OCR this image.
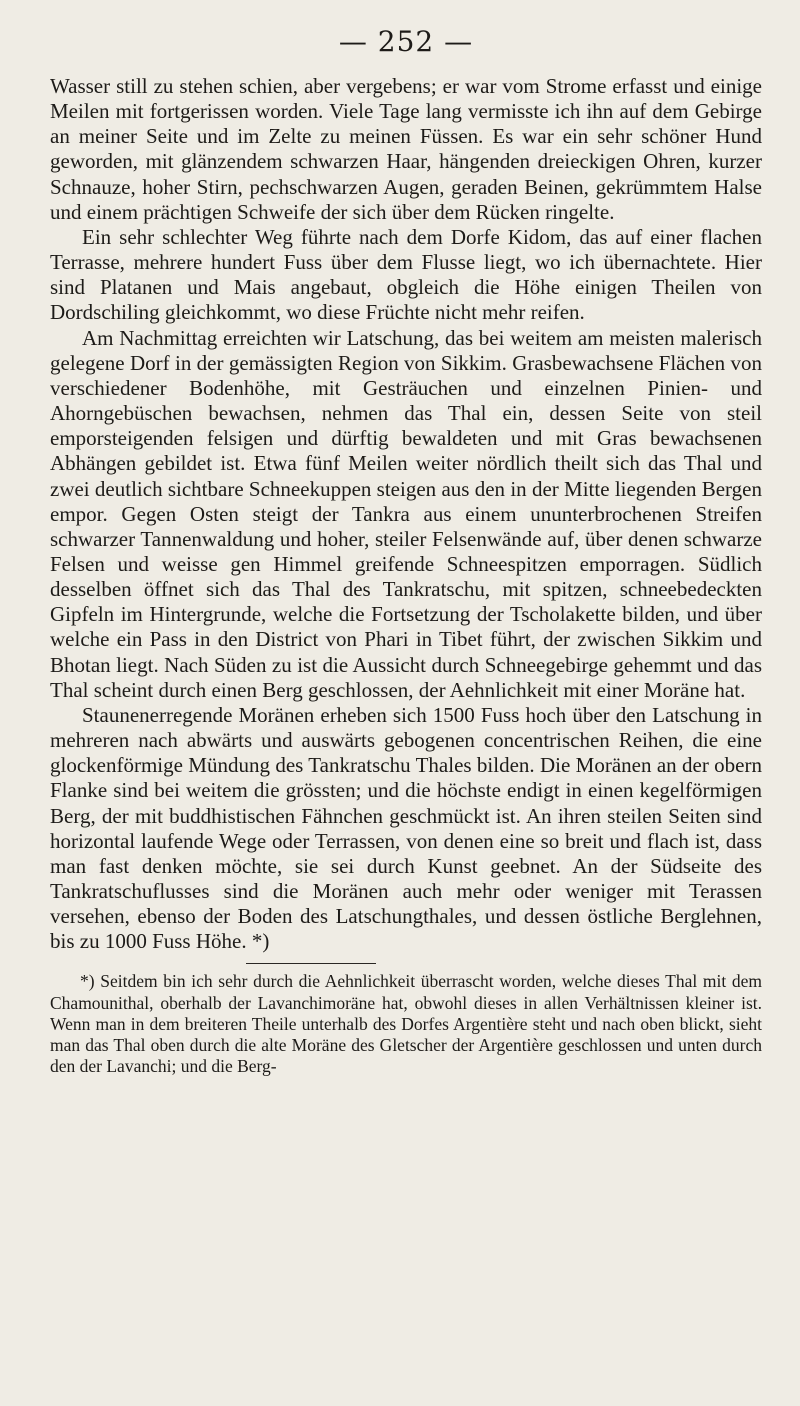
— 252 —

Wasser still zu stehen schien, aber vergebens; er war vom Strome erfasst und einige Meilen mit fortgerissen worden. Viele Tage lang vermisste ich ihn auf dem Gebirge an meiner Seite und im Zelte zu meinen Füssen. Es war ein sehr schöner Hund geworden, mit glänzendem schwarzen Haar, hängenden dreieckigen Ohren, kurzer Schnauze, hoher Stirn, pechschwarzen Augen, geraden Beinen, gekrümmtem Halse und einem prächtigen Schweife der sich über dem Rücken ringelte.

Ein sehr schlechter Weg führte nach dem Dorfe Kidom, das auf einer flachen Terrasse, mehrere hundert Fuss über dem Flusse liegt, wo ich übernachtete. Hier sind Platanen und Mais angebaut, obgleich die Höhe einigen Theilen von Dordschiling gleichkommt, wo diese Früchte nicht mehr reifen.

Am Nachmittag erreichten wir Latschung, das bei weitem am meisten malerisch gelegene Dorf in der gemässigten Region von Sikkim. Grasbewachsene Flächen von verschiedener Bodenhöhe, mit Gesträuchen und einzelnen Pinien- und Ahorngebüschen bewachsen, nehmen das Thal ein, dessen Seite von steil emporsteigenden felsigen und dürftig bewaldeten und mit Gras bewachsenen Abhängen gebildet ist. Etwa fünf Meilen weiter nördlich theilt sich das Thal und zwei deutlich sichtbare Schneekuppen steigen aus den in der Mitte liegenden Bergen empor. Gegen Osten steigt der Tankra aus einem ununterbrochenen Streifen schwarzer Tannenwaldung und hoher, steiler Felsenwände auf, über denen schwarze Felsen und weisse gen Himmel greifende Schneespitzen emporragen. Südlich desselben öffnet sich das Thal des Tankratschu, mit spitzen, schneebedeckten Gipfeln im Hintergrunde, welche die Fortsetzung der Tscholakette bilden, und über welche ein Pass in den District von Phari in Tibet führt, der zwischen Sikkim und Bhotan liegt. Nach Süden zu ist die Aussicht durch Schneegebirge gehemmt und das Thal scheint durch einen Berg geschlossen, der Aehnlichkeit mit einer Moräne hat.

Staunenerregende Moränen erheben sich 1500 Fuss hoch über den Latschung in mehreren nach abwärts und auswärts gebogenen concentrischen Reihen, die eine glockenförmige Mündung des Tankratschu Thales bilden. Die Moränen an der obern Flanke sind bei weitem die grössten; und die höchste endigt in einen kegelförmigen Berg, der mit buddhistischen Fähnchen geschmückt ist. An ihren steilen Seiten sind horizontal laufende Wege oder Terrassen, von denen eine so breit und flach ist, dass man fast denken möchte, sie sei durch Kunst geebnet. An der Südseite des Tankratschuflusses sind die Moränen auch mehr oder weniger mit Terassen versehen, ebenso der Boden des Latschungthales, und dessen östliche Berglehnen, bis zu 1000 Fuss Höhe. *)

*) Seitdem bin ich sehr durch die Aehnlichkeit überrascht worden, welche dieses Thal mit dem Chamounithal, oberhalb der Lavanchimoräne hat, obwohl dieses in allen Verhältnissen kleiner ist. Wenn man in dem breiteren Theile unterhalb des Dorfes Argentière steht und nach oben blickt, sieht man das Thal oben durch die alte Moräne des Gletscher der Argentière geschlossen und unten durch den der Lavanchi; und die Berg-
